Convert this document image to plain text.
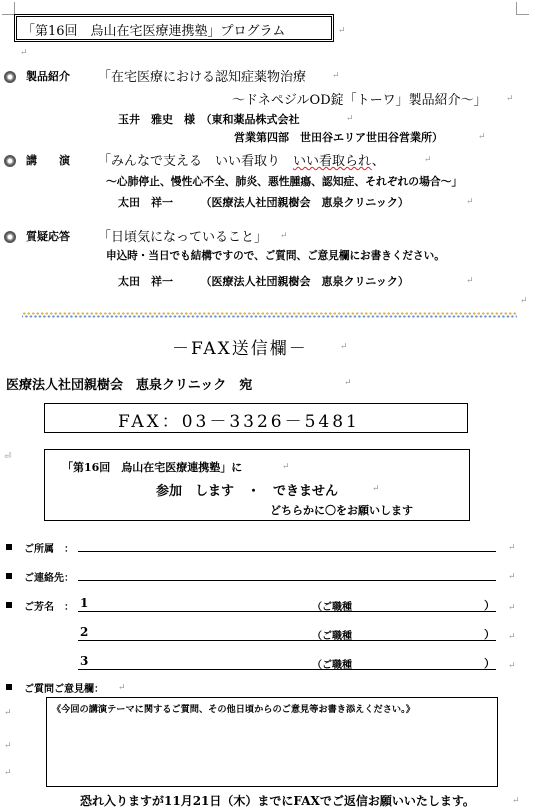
「第16回　烏山在宅医療連携塾」プログラム	↵
↵
製品紹介 「在宅医療における認知症薬物治療	↵
～ドネペジルOD錠「トーワ」製品紹介～」 ↵
玉井　雅史　様　（東和薬品株式会社	↵
営業第四部　世田谷エリア世田谷営業所）	↵
講　　演 「みんなで支える　いい看取り　いい看取られ、	↵
～心肺停止、慢性心不全、肺炎、悪性腫瘍、認知症、それぞれの場合～」
太田　祥一　　　（医療法人社団親樹会　恵泉クリニック）	↵
質疑応答 「日頃気になっていること」 ↵
申込時・当日でも結構ですので、ご質問、ご意見欄にお書きください。
太田　祥一　　　（医療法人社団親樹会　恵泉クリニック）	↵
↵
－FAX送信欄－	↵
医療法人社団親樹会　恵泉クリニック　宛	↵
FAX：03－3326－5481
⏎
「第16回　烏山在宅医療連携塾」に	↵
参加　します　・　できません	↵
どちらかに〇をお願いします
ご所属　：	↵
ご連絡先：	↵
ご芳名　： 1	（ご職種	） ↵
2	（ご職種	） ↵
3	（ご職種	） ↵
ご質問ご意見欄： ↵
《今回の講演テーマに関するご質問、その他日頃からのご意見等お書き添えください。》
↵
↵
↵
恐れ入りますが11月21日（木）までにFAXでご返信お願いいたします。	↵
